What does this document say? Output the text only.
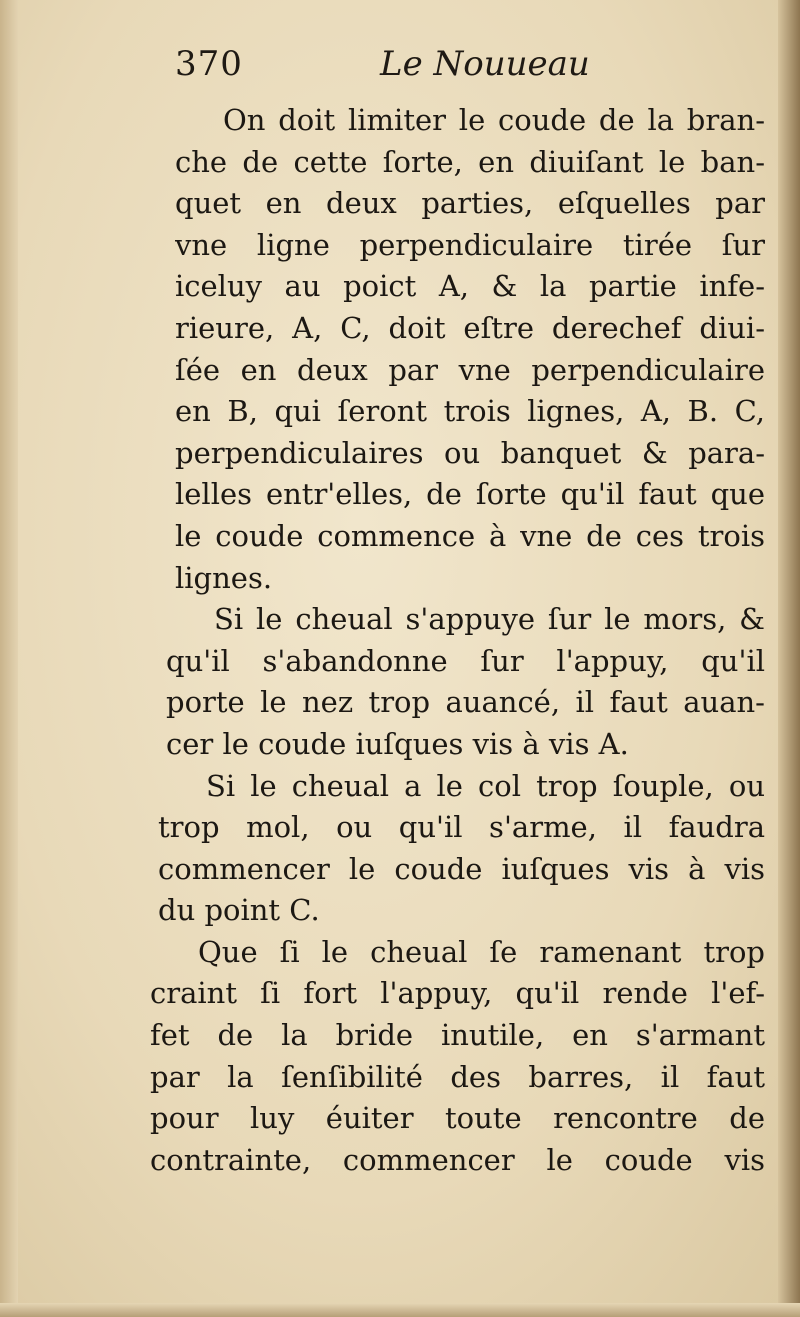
370	Le Nouueau
On doit limiter le coude de la bran-
che de cette ſorte, en diuiſant le ban-
quet en deux parties, eſquelles par
vne ligne perpendiculaire tirée ſur
iceluy au poict A, & la partie infe-
rieure, A, C, doit eſtre derechef diui-
ſée en deux par vne perpendiculaire
en B, qui ſeront trois lignes, A, B. C,
perpendiculaires ou banquet & para-
lelles entr'elles, de ſorte qu'il faut que
le coude commence à vne de ces trois
lignes.
Si le cheual s'appuye ſur le mors, &
qu'il s'abandonne ſur l'appuy, qu'il
porte le nez trop auancé, il faut auan-
cer le coude iuſques vis à vis A.
Si le cheual a le col trop ſouple, ou
trop mol, ou qu'il s'arme, il faudra
commencer le coude iuſques vis à vis
du point C.
Que ſi le cheual ſe ramenant trop
craint ſi fort l'appuy, qu'il rende l'ef-
fet de la bride inutile, en s'armant
par la ſenſibilité des barres, il faut
pour luy éuiter toute rencontre de
contrainte, commencer le coude vis
